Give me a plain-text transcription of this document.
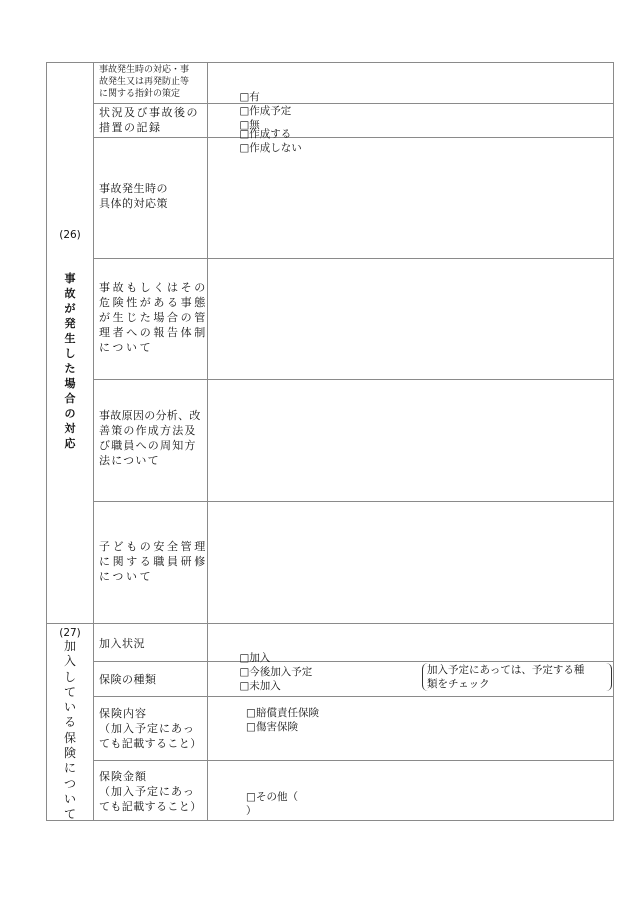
(26)
事
故
が
発
生
し
た
場
合
の
対
応
事故発生時の対応・事
故発生又は再発防止等
に関する指針の策定	□有
□作成予定
□無

状況及び事故後の
措置の記録	□作成する
□作成しない

事故発生時の
具体的対応策
事故もしくはその
危険性がある事態
が生じた場合の管
理者への報告体制
について
事故原因の分析、改
善策の作成方法及
び職員への周知方
法について
子どもの安全管理
に関する職員研修
について
(27)
加
入
し
て
い
る
保
険
に
つ
い
て
加入状況

□加入
□今後加入予定
□未加入

保険の種類

□賠償責任保険
□傷害保険

□その他（
）

加入予定にあっては、予定する種
類をチェック
保険内容
（加入予定にあっ
ても記載すること）
保険金額
（加入予定にあっ
ても記載すること）
